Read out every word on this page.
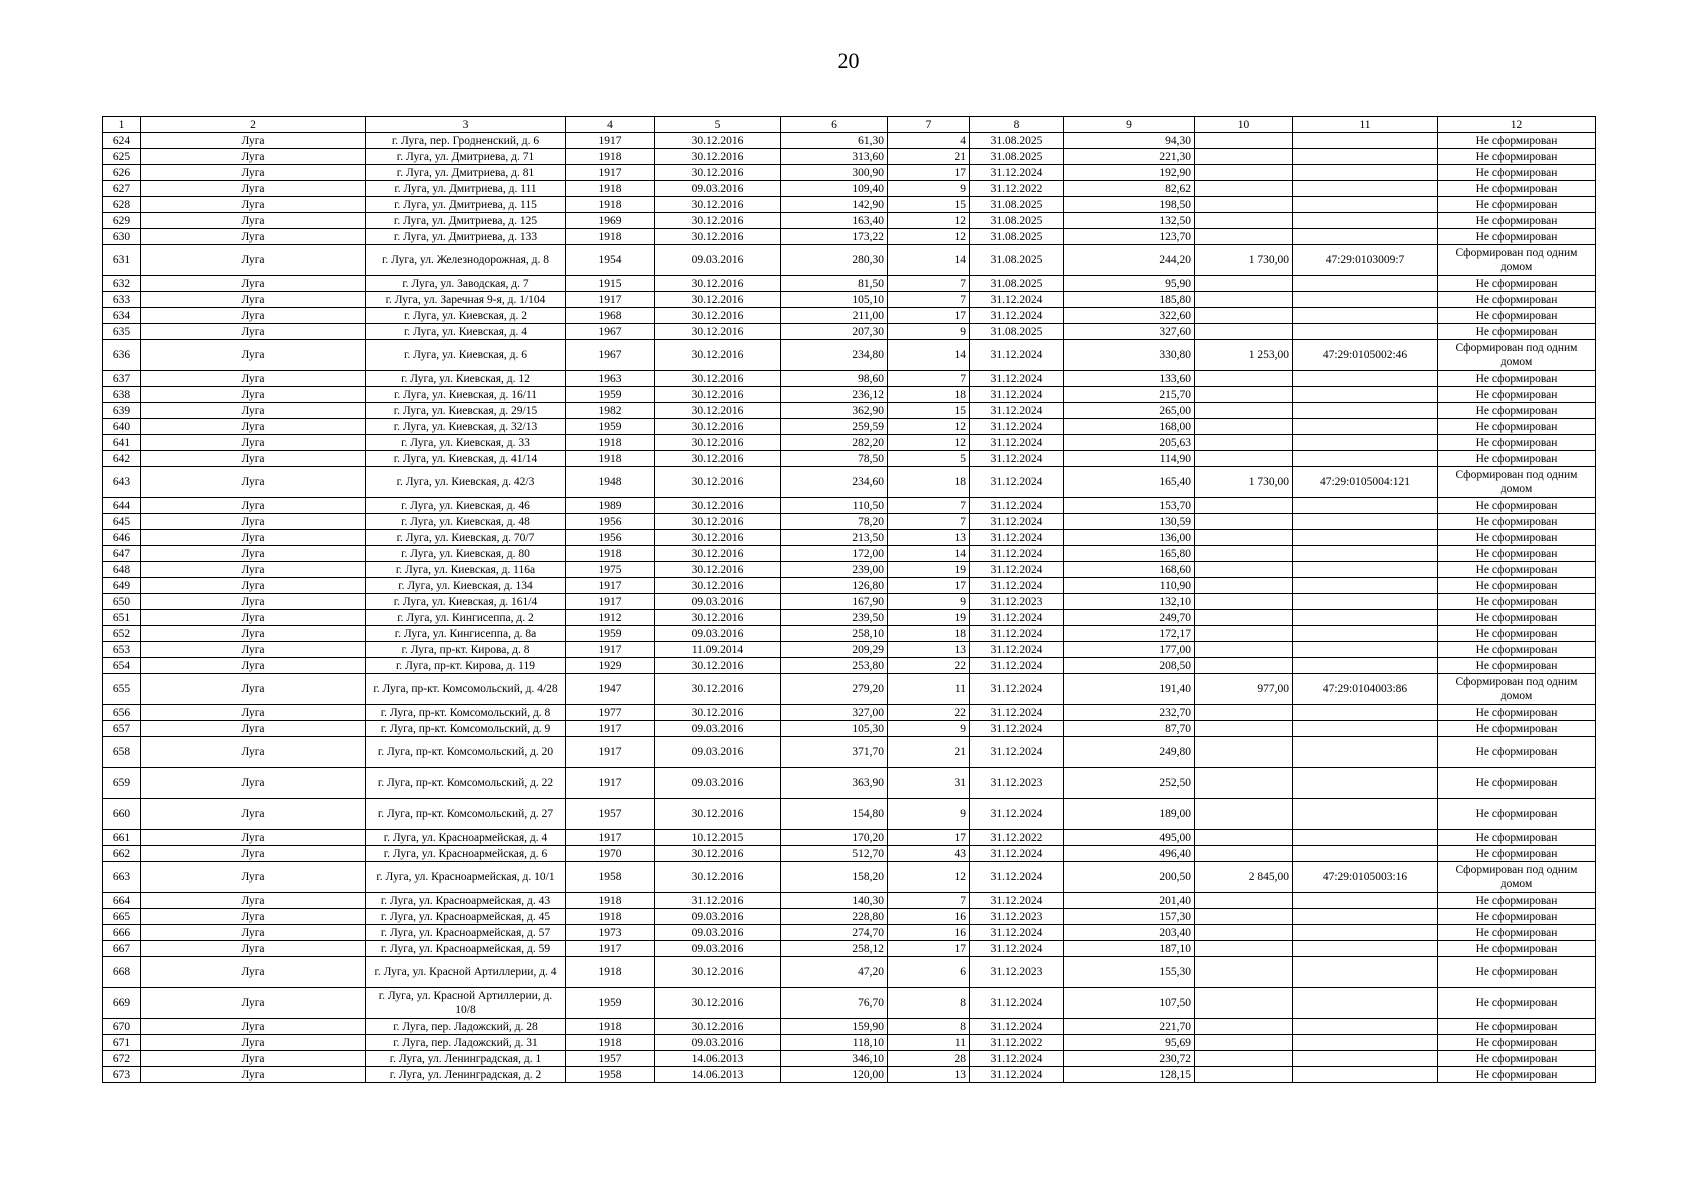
20
1	2	3	4	5	6	7	8	9	10	11	12
624	Луга	г. Луга, пер. Гродненский, д. 6	1917	30.12.2016	61,30	4	31.08.2025	94,30			Не сформирован
625	Луга	г. Луга, ул. Дмитриева, д. 71	1918	30.12.2016	313,60	21	31.08.2025	221,30			Не сформирован
626	Луга	г. Луга, ул. Дмитриева, д. 81	1917	30.12.2016	300,90	17	31.12.2024	192,90			Не сформирован
627	Луга	г. Луга, ул. Дмитриева, д. 111	1918	09.03.2016	109,40	9	31.12.2022	82,62			Не сформирован
628	Луга	г. Луга, ул. Дмитриева, д. 115	1918	30.12.2016	142,90	15	31.08.2025	198,50			Не сформирован
629	Луга	г. Луга, ул. Дмитриева, д. 125	1969	30.12.2016	163,40	12	31.08.2025	132,50			Не сформирован
630	Луга	г. Луга, ул. Дмитриева, д. 133	1918	30.12.2016	173,22	12	31.08.2025	123,70			Не сформирован
631	Луга	г. Луга, ул. Железнодорожная, д. 8	1954	09.03.2016	280,30	14	31.08.2025	244,20	1 730,00	47:29:0103009:7	Сформирован под одним домом
632	Луга	г. Луга, ул. Заводская, д. 7	1915	30.12.2016	81,50	7	31.08.2025	95,90			Не сформирован
633	Луга	г. Луга, ул. Заречная 9-я, д. 1/104	1917	30.12.2016	105,10	7	31.12.2024	185,80			Не сформирован
634	Луга	г. Луга, ул. Киевская, д. 2	1968	30.12.2016	211,00	17	31.12.2024	322,60			Не сформирован
635	Луга	г. Луга, ул. Киевская, д. 4	1967	30.12.2016	207,30	9	31.08.2025	327,60			Не сформирован
636	Луга	г. Луга, ул. Киевская, д. 6	1967	30.12.2016	234,80	14	31.12.2024	330,80	1 253,00	47:29:0105002:46	Сформирован под одним домом
637	Луга	г. Луга, ул. Киевская, д. 12	1963	30.12.2016	98,60	7	31.12.2024	133,60			Не сформирован
638	Луга	г. Луга, ул. Киевская, д. 16/11	1959	30.12.2016	236,12	18	31.12.2024	215,70			Не сформирован
639	Луга	г. Луга, ул. Киевская, д. 29/15	1982	30.12.2016	362,90	15	31.12.2024	265,00			Не сформирован
640	Луга	г. Луга, ул. Киевская, д. 32/13	1959	30.12.2016	259,59	12	31.12.2024	168,00			Не сформирован
641	Луга	г. Луга, ул. Киевская, д. 33	1918	30.12.2016	282,20	12	31.12.2024	205,63			Не сформирован
642	Луга	г. Луга, ул. Киевская, д. 41/14	1918	30.12.2016	78,50	5	31.12.2024	114,90			Не сформирован
643	Луга	г. Луга, ул. Киевская, д. 42/3	1948	30.12.2016	234,60	18	31.12.2024	165,40	1 730,00	47:29:0105004:121	Сформирован под одним домом
644	Луга	г. Луга, ул. Киевская, д. 46	1989	30.12.2016	110,50	7	31.12.2024	153,70			Не сформирован
645	Луга	г. Луга, ул. Киевская, д. 48	1956	30.12.2016	78,20	7	31.12.2024	130,59			Не сформирован
646	Луга	г. Луга, ул. Киевская, д. 70/7	1956	30.12.2016	213,50	13	31.12.2024	136,00			Не сформирован
647	Луга	г. Луга, ул. Киевская, д. 80	1918	30.12.2016	172,00	14	31.12.2024	165,80			Не сформирован
648	Луга	г. Луга, ул. Киевская, д. 116а	1975	30.12.2016	239,00	19	31.12.2024	168,60			Не сформирован
649	Луга	г. Луга, ул. Киевская, д. 134	1917	30.12.2016	126,80	17	31.12.2024	110,90			Не сформирован
650	Луга	г. Луга, ул. Киевская, д. 161/4	1917	09.03.2016	167,90	9	31.12.2023	132,10			Не сформирован
651	Луга	г. Луга, ул. Кингисеппа, д. 2	1912	30.12.2016	239,50	19	31.12.2024	249,70			Не сформирован
652	Луга	г. Луга, ул. Кингисеппа, д. 8а	1959	09.03.2016	258,10	18	31.12.2024	172,17			Не сформирован
653	Луга	г. Луга, пр-кт. Кирова, д. 8	1917	11.09.2014	209,29	13	31.12.2024	177,00			Не сформирован
654	Луга	г. Луга, пр-кт. Кирова, д. 119	1929	30.12.2016	253,80	22	31.12.2024	208,50			Не сформирован
655	Луга	г. Луга, пр-кт. Комсомольский, д. 4/28	1947	30.12.2016	279,20	11	31.12.2024	191,40	977,00	47:29:0104003:86	Сформирован под одним домом
656	Луга	г. Луга, пр-кт. Комсомольский, д. 8	1977	30.12.2016	327,00	22	31.12.2024	232,70			Не сформирован
657	Луга	г. Луга, пр-кт. Комсомольский, д. 9	1917	09.03.2016	105,30	9	31.12.2024	87,70			Не сформирован
658	Луга	г. Луга, пр-кт. Комсомольский, д. 20	1917	09.03.2016	371,70	21	31.12.2024	249,80			Не сформирован
659	Луга	г. Луга, пр-кт. Комсомольский, д. 22	1917	09.03.2016	363,90	31	31.12.2023	252,50			Не сформирован
660	Луга	г. Луга, пр-кт. Комсомольский, д. 27	1957	30.12.2016	154,80	9	31.12.2024	189,00			Не сформирован
661	Луга	г. Луга, ул. Красноармейская, д. 4	1917	10.12.2015	170,20	17	31.12.2022	495,00			Не сформирован
662	Луга	г. Луга, ул. Красноармейская, д. 6	1970	30.12.2016	512,70	43	31.12.2024	496,40			Не сформирован
663	Луга	г. Луга, ул. Красноармейская, д. 10/1	1958	30.12.2016	158,20	12	31.12.2024	200,50	2 845,00	47:29:0105003:16	Сформирован под одним домом
664	Луга	г. Луга, ул. Красноармейская, д. 43	1918	31.12.2016	140,30	7	31.12.2024	201,40			Не сформирован
665	Луга	г. Луга, ул. Красноармейская, д. 45	1918	09.03.2016	228,80	16	31.12.2023	157,30			Не сформирован
666	Луга	г. Луга, ул. Красноармейская, д. 57	1973	09.03.2016	274,70	16	31.12.2024	203,40			Не сформирован
667	Луга	г. Луга, ул. Красноармейская, д. 59	1917	09.03.2016	258,12	17	31.12.2024	187,10			Не сформирован
668	Луга	г. Луга, ул. Красной Артиллерии, д. 4	1918	30.12.2016	47,20	6	31.12.2023	155,30			Не сформирован
669	Луга	г. Луга, ул. Красной Артиллерии, д. 10/8	1959	30.12.2016	76,70	8	31.12.2024	107,50			Не сформирован
670	Луга	г. Луга, пер. Ладожский, д. 28	1918	30.12.2016	159,90	8	31.12.2024	221,70			Не сформирован
671	Луга	г. Луга, пер. Ладожский, д. 31	1918	09.03.2016	118,10	11	31.12.2022	95,69			Не сформирован
672	Луга	г. Луга, ул. Ленинградская, д. 1	1957	14.06.2013	346,10	28	31.12.2024	230,72			Не сформирован
673	Луга	г. Луга, ул. Ленинградская, д. 2	1958	14.06.2013	120,00	13	31.12.2024	128,15			Не сформирован
